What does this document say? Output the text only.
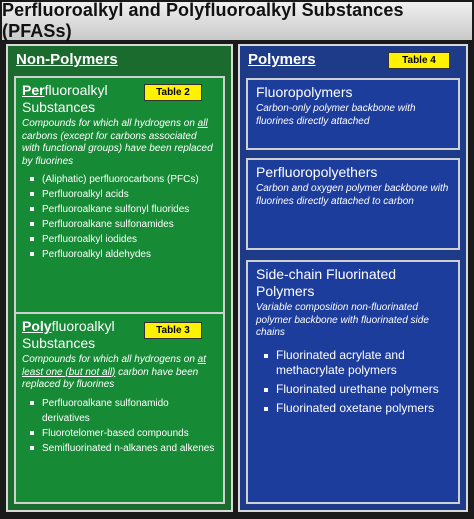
Perfluoroalkyl and Polyfluoroalkyl Substances (PFASs)
Non-Polymers
Table 2
Perfluoroalkyl
Substances
Compounds for which all hydrogens on all carbons (except for carbons associated with functional groups) have been replaced by fluorines
(Aliphatic) perfluorocarbons (PFCs)
Perfluoroalkyl acids
Perfluoroalkane sulfonyl fluorides
Perfluoroalkane sulfonamides
Perfluoroalkyl iodides
Perfluoroalkyl aldehydes
Table 3
Polyfluoroalkyl
Substances
Compounds for which all hydrogens on at least one (but not all) carbon have been replaced by fluorines
Perfluoroalkane sulfonamido derivatives
Fluorotelomer-based compounds
Semifluorinated n-alkanes and alkenes
Polymers	Table 4
Fluoropolymers
Carbon-only polymer backbone with fluorines directly attached
Perfluoropolyethers
Carbon and oxygen polymer backbone with fluorines directly attached to carbon
Side-chain Fluorinated Polymers
Variable composition non-fluorinated polymer backbone with fluorinated side chains
Fluorinated acrylate and methacrylate polymers
Fluorinated urethane polymers
Fluorinated oxetane polymers
